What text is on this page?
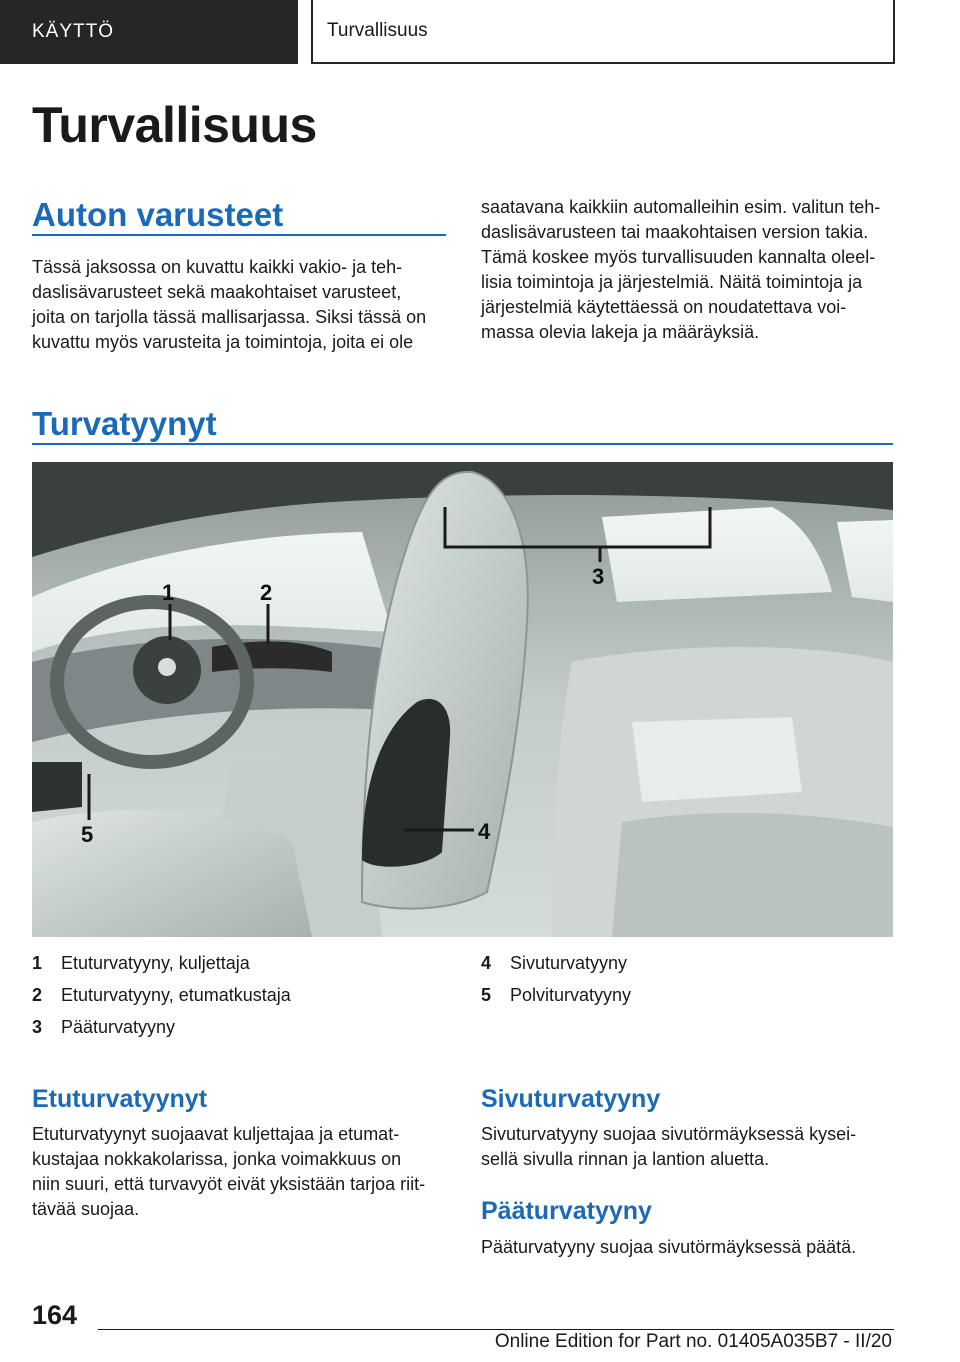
KÄYTTÖ	Turvallisuus
Turvallisuus
Auton varusteet

Tässä jaksossa on kuvattu kaikki vakio- ja teh-
daslisävarusteet sekä maakohtaiset varusteet,
joita on tarjolla tässä mallisarjassa. Siksi tässä on
kuvattu myös varusteita ja toimintoja, joita ei ole

saatavana kaikkiin automalleihin esim. valitun teh-
daslisävarusteen tai maakohtaisen version takia.
Tämä koskee myös turvallisuuden kannalta oleel-
lisia toimintoja ja järjestelmiä. Näitä toimintoja ja
järjestelmiä käytettäessä on noudatettava voi-
massa olevia lakeja ja määräyksiä.

Turvatyynyt
1	2
3
4
5
1	Etuturvatyyny, kuljettaja
2	Etuturvatyyny, etumatkustaja
3	Pääturvatyyny
4	Sivuturvatyyny
5	Polviturvatyyny
Etuturvatyynyt

Etuturvatyynyt suojaavat kuljettajaa ja etumat-
kustajaa nokkakolarissa, jonka voimakkuus on
niin suuri, että turvavyöt eivät yksistään tarjoa riit-
tävää suojaa.

Sivuturvatyyny

Sivuturvatyyny suojaa sivutörmäyksessä kysei-
sellä sivulla rinnan ja lantion aluetta.

Pääturvatyyny

Pääturvatyyny suojaa sivutörmäyksessä päätä.

164
Online Edition for Part no. 01405A035B7 - II/20
